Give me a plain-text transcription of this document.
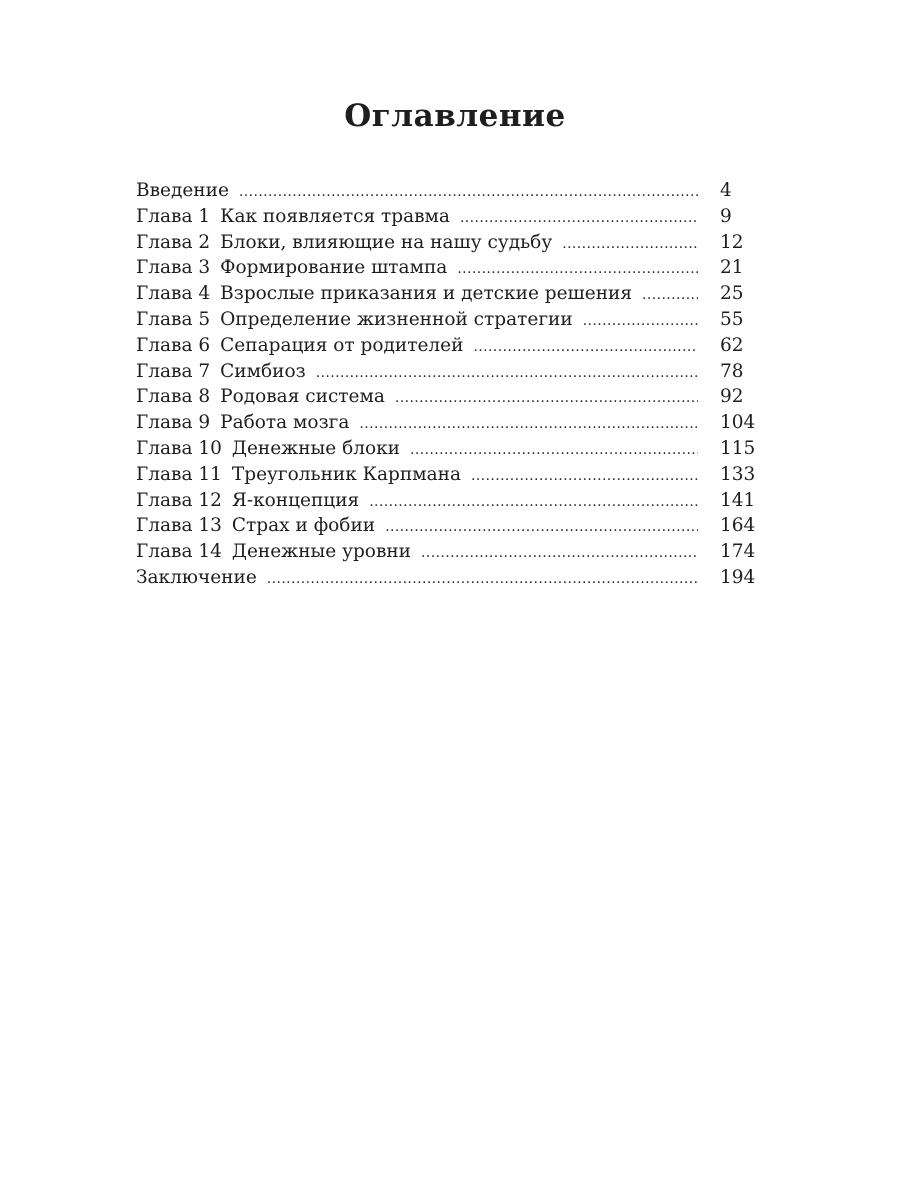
Оглавление
Введение .....	4
Глава 1 Как появляется травма .....	9
Глава 2 Блоки, влияющие на нашу судьбу .....	12
Глава 3 Формирование штампа .....	21
Глава 4 Взрослые приказания и детские решения .....	25
Глава 5 Определение жизненной стратегии .....	55
Глава 6 Сепарация от родителей .....	62
Глава 7 Симбиоз .....	78
Глава 8 Родовая система .....	92
Глава 9 Работа мозга .....	104
Глава 10 Денежные блоки .....	115
Глава 11 Треугольник Карпмана .....	133
Глава 12 Я-концепция .....	141
Глава 13 Страх и фобии .....	164
Глава 14 Денежные уровни .....	174
Заключение .....	194
